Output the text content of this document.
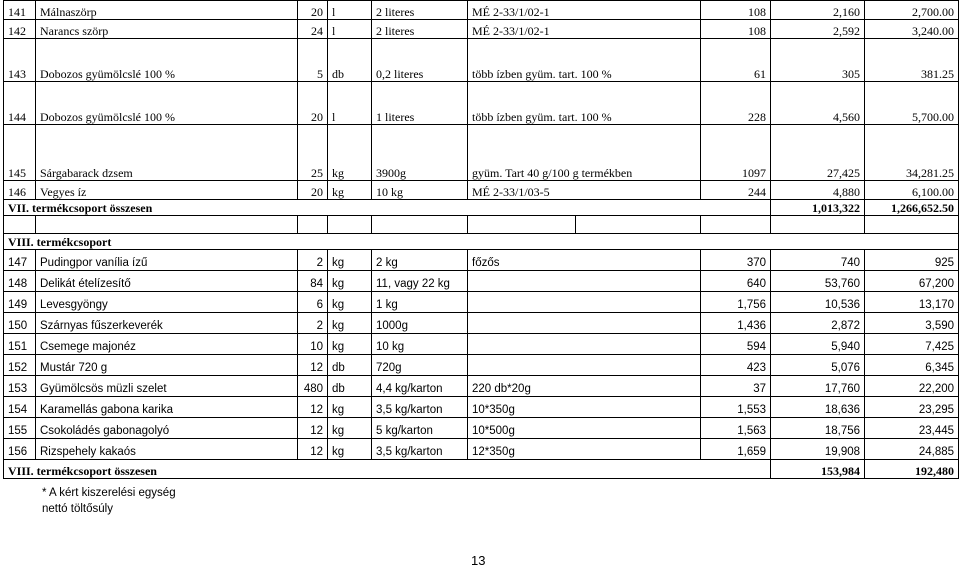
141	Málnaszörp	20	l	2 literes	MÉ 2-33/1/02-1		108	2,160	2,700.00
142	Narancs szörp	24	l	2 literes	MÉ 2-33/1/02-1		108	2,592	3,240.00
143	Dobozos gyümölcslé 100 %	5	db	0,2 literes	több ízben gyüm. tart. 100 %		61	305	381.25
144	Dobozos gyümölcslé 100 %	20	l	1 literes	több ízben gyüm. tart. 100 %		228	4,560	5,700.00
145	Sárgabarack dzsem	25	kg	3900g	gyüm. Tart 40 g/100 g termékben		1097	27,425	34,281.25
146	Vegyes íz	20	kg	10 kg	MÉ 2-33/1/03-5		244	4,880	6,100.00
VII. termékcsoport összesen								1,013,322	1,266,652.50

VIII. termékcsoport									
147	Pudingpor vanília ízű	2	kg	2 kg	főzős		370	740	925
148	Delikát ételízesítő	84	kg	11, vagy 22 kg			640	53,760	67,200
149	Levesgyöngy	6	kg	1 kg			1,756	10,536	13,170
150	Szárnyas fűszerkeverék	2	kg	1000g			1,436	2,872	3,590
151	Csemege majonéz	10	kg	10 kg			594	5,940	7,425
152	Mustár 720 g	12	db	720g			423	5,076	6,345
153	Gyümölcsös müzli szelet	480	db	4,4 kg/karton	220 db*20g		37	17,760	22,200
154	Karamellás gabona karika	12	kg	3,5 kg/karton	10*350g		1,553	18,636	23,295
155	Csokoládés gabonagolyó	12	kg	5 kg/karton	10*500g		1,563	18,756	23,445
156	Rizspehely kakaós	12	kg	3,5 kg/karton	12*350g		1,659	19,908	24,885
VIII. termékcsoport összesen								153,984	192,480
* A kért kiszerelési egység
nettó töltősúly
13
